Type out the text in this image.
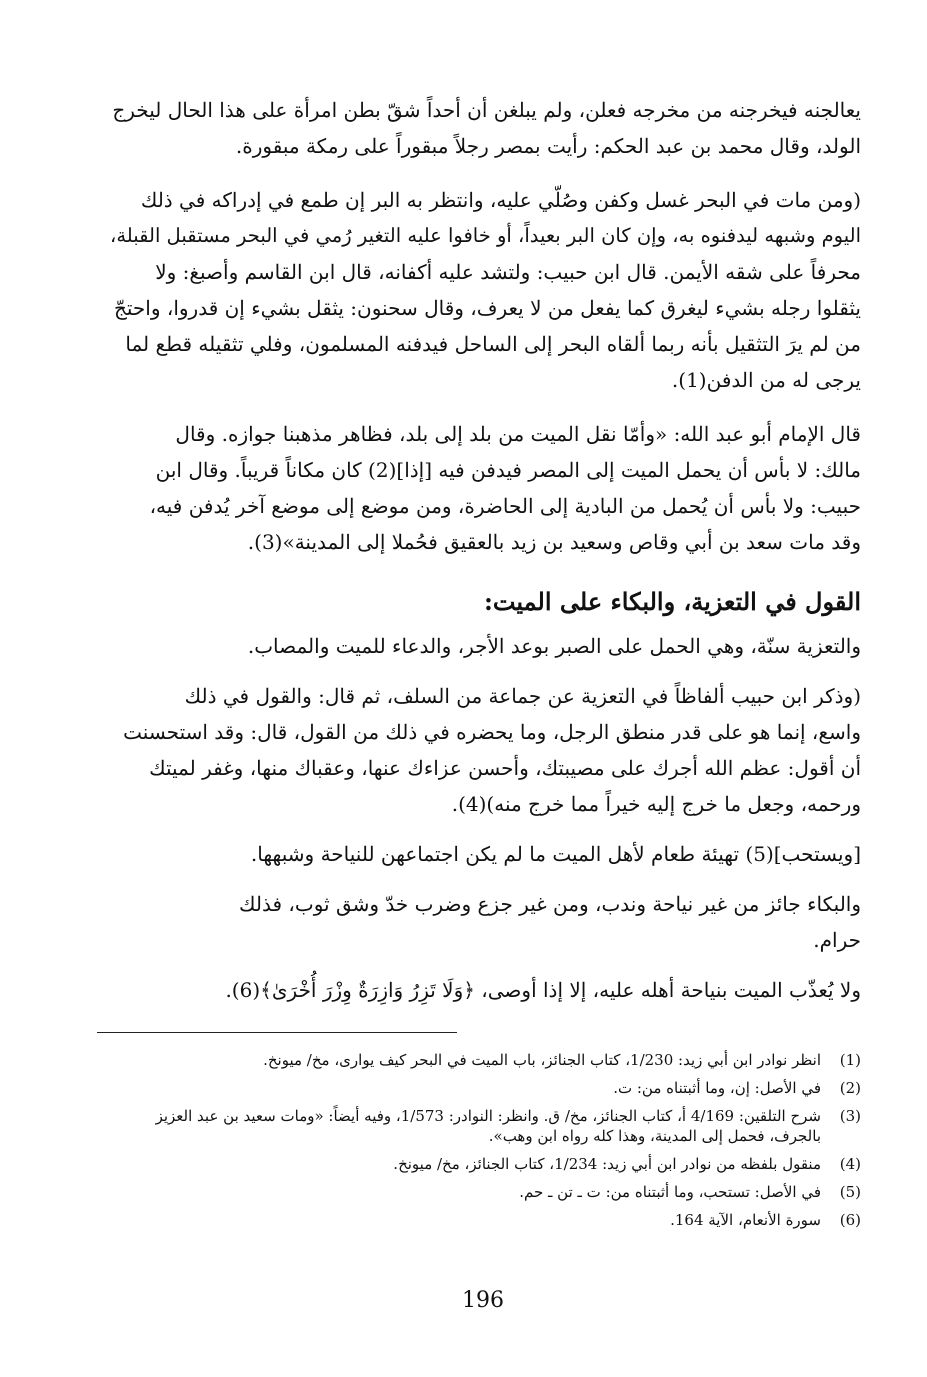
يعالجنه فيخرجنه من مخرجه فعلن، ولم يبلغن أن أحداً شقّ بطن امرأة على هذا الحال ليخرج
الولد، وقال محمد بن عبد الحكم: رأيت بمصر رجلاً مبقوراً على رمكة مبقورة.
(ومن مات في البحر غسل وكفن وصُلّي عليه، وانتظر به البر إن طمع في إدراكه في ذلك
اليوم وشبهه ليدفنوه به، وإن كان البر بعيداً، أو خافوا عليه التغير رُمي في البحر مستقبل القبلة،
محرفاً على شقه الأيمن. قال ابن حبيب: ولتشد عليه أكفانه، قال ابن القاسم وأصبغ: ولا
يثقلوا رجله بشيء ليغرق كما يفعل من لا يعرف، وقال سحنون: يثقل بشيء إن قدروا، واحتجّ
من لم يرَ التثقيل بأنه ربما ألقاه البحر إلى الساحل فيدفنه المسلمون، وفلي تثقيله قطع لما
يرجى له من الدفن(1).
قال الإمام أبو عبد الله: «وأمّا نقل الميت من بلد إلى بلد، فظاهر مذهبنا جوازه. وقال
مالك: لا بأس أن يحمل الميت إلى المصر فيدفن فيه [إذا](2) كان مكاناً قريباً. وقال ابن
حبيب: ولا بأس أن يُحمل من البادية إلى الحاضرة، ومن موضع إلى موضع آخر يُدفن فيه،
وقد مات سعد بن أبي وقاص وسعيد بن زيد بالعقيق فحُملا إلى المدينة»(3).
القول في التعزية، والبكاء على الميت:
والتعزية سنّة، وهي الحمل على الصبر بوعد الأجر، والدعاء للميت والمصاب.
(وذكر ابن حبيب ألفاظاً في التعزية عن جماعة من السلف، ثم قال: والقول في ذلك
واسع، إنما هو على قدر منطق الرجل، وما يحضره في ذلك من القول، قال: وقد استحسنت
أن أقول: عظم الله أجرك على مصيبتك، وأحسن عزاءك عنها، وعقباك منها، وغفر لميتك
ورحمه، وجعل ما خرج إليه خيراً مما خرج منه)(4).
[ويستحب](5) تهيئة طعام لأهل الميت ما لم يكن اجتماعهن للنياحة وشبهها.
والبكاء جائز من غير نياحة وندب، ومن غير جزع وضرب خدّ وشق ثوب، فذلك
حرام.
ولا يُعذّب الميت بنياحة أهله عليه، إلا إذا أوصى، ﴿وَلَا تَزِرُ وَازِرَةٌ وِزْرَ أُخْرَىٰ﴾(6).
(1)
انظر نوادر ابن أبي زيد: 1/230، كتاب الجنائز، باب الميت في البحر كيف يوارى، مخ/ ميونخ.
(2)
في الأصل: إن، وما أثبتناه من: ت.
(3)
شرح التلقين: 4/169 أ، كتاب الجنائز، مخ/ ق. وانظر: النوادر: 1/573، وفيه أيضاً: «ومات سعيد بن عبد العزيز
بالجرف، فحمل إلى المدينة، وهذا كله رواه ابن وهب».
(4)
منقول بلفظه من نوادر ابن أبي زيد: 1/234، كتاب الجنائز، مخ/ ميونخ.
(5)
في الأصل: تستحب، وما أثبتناه من: ت ـ تن ـ حم.
(6)
سورة الأنعام، الآية 164.
196
